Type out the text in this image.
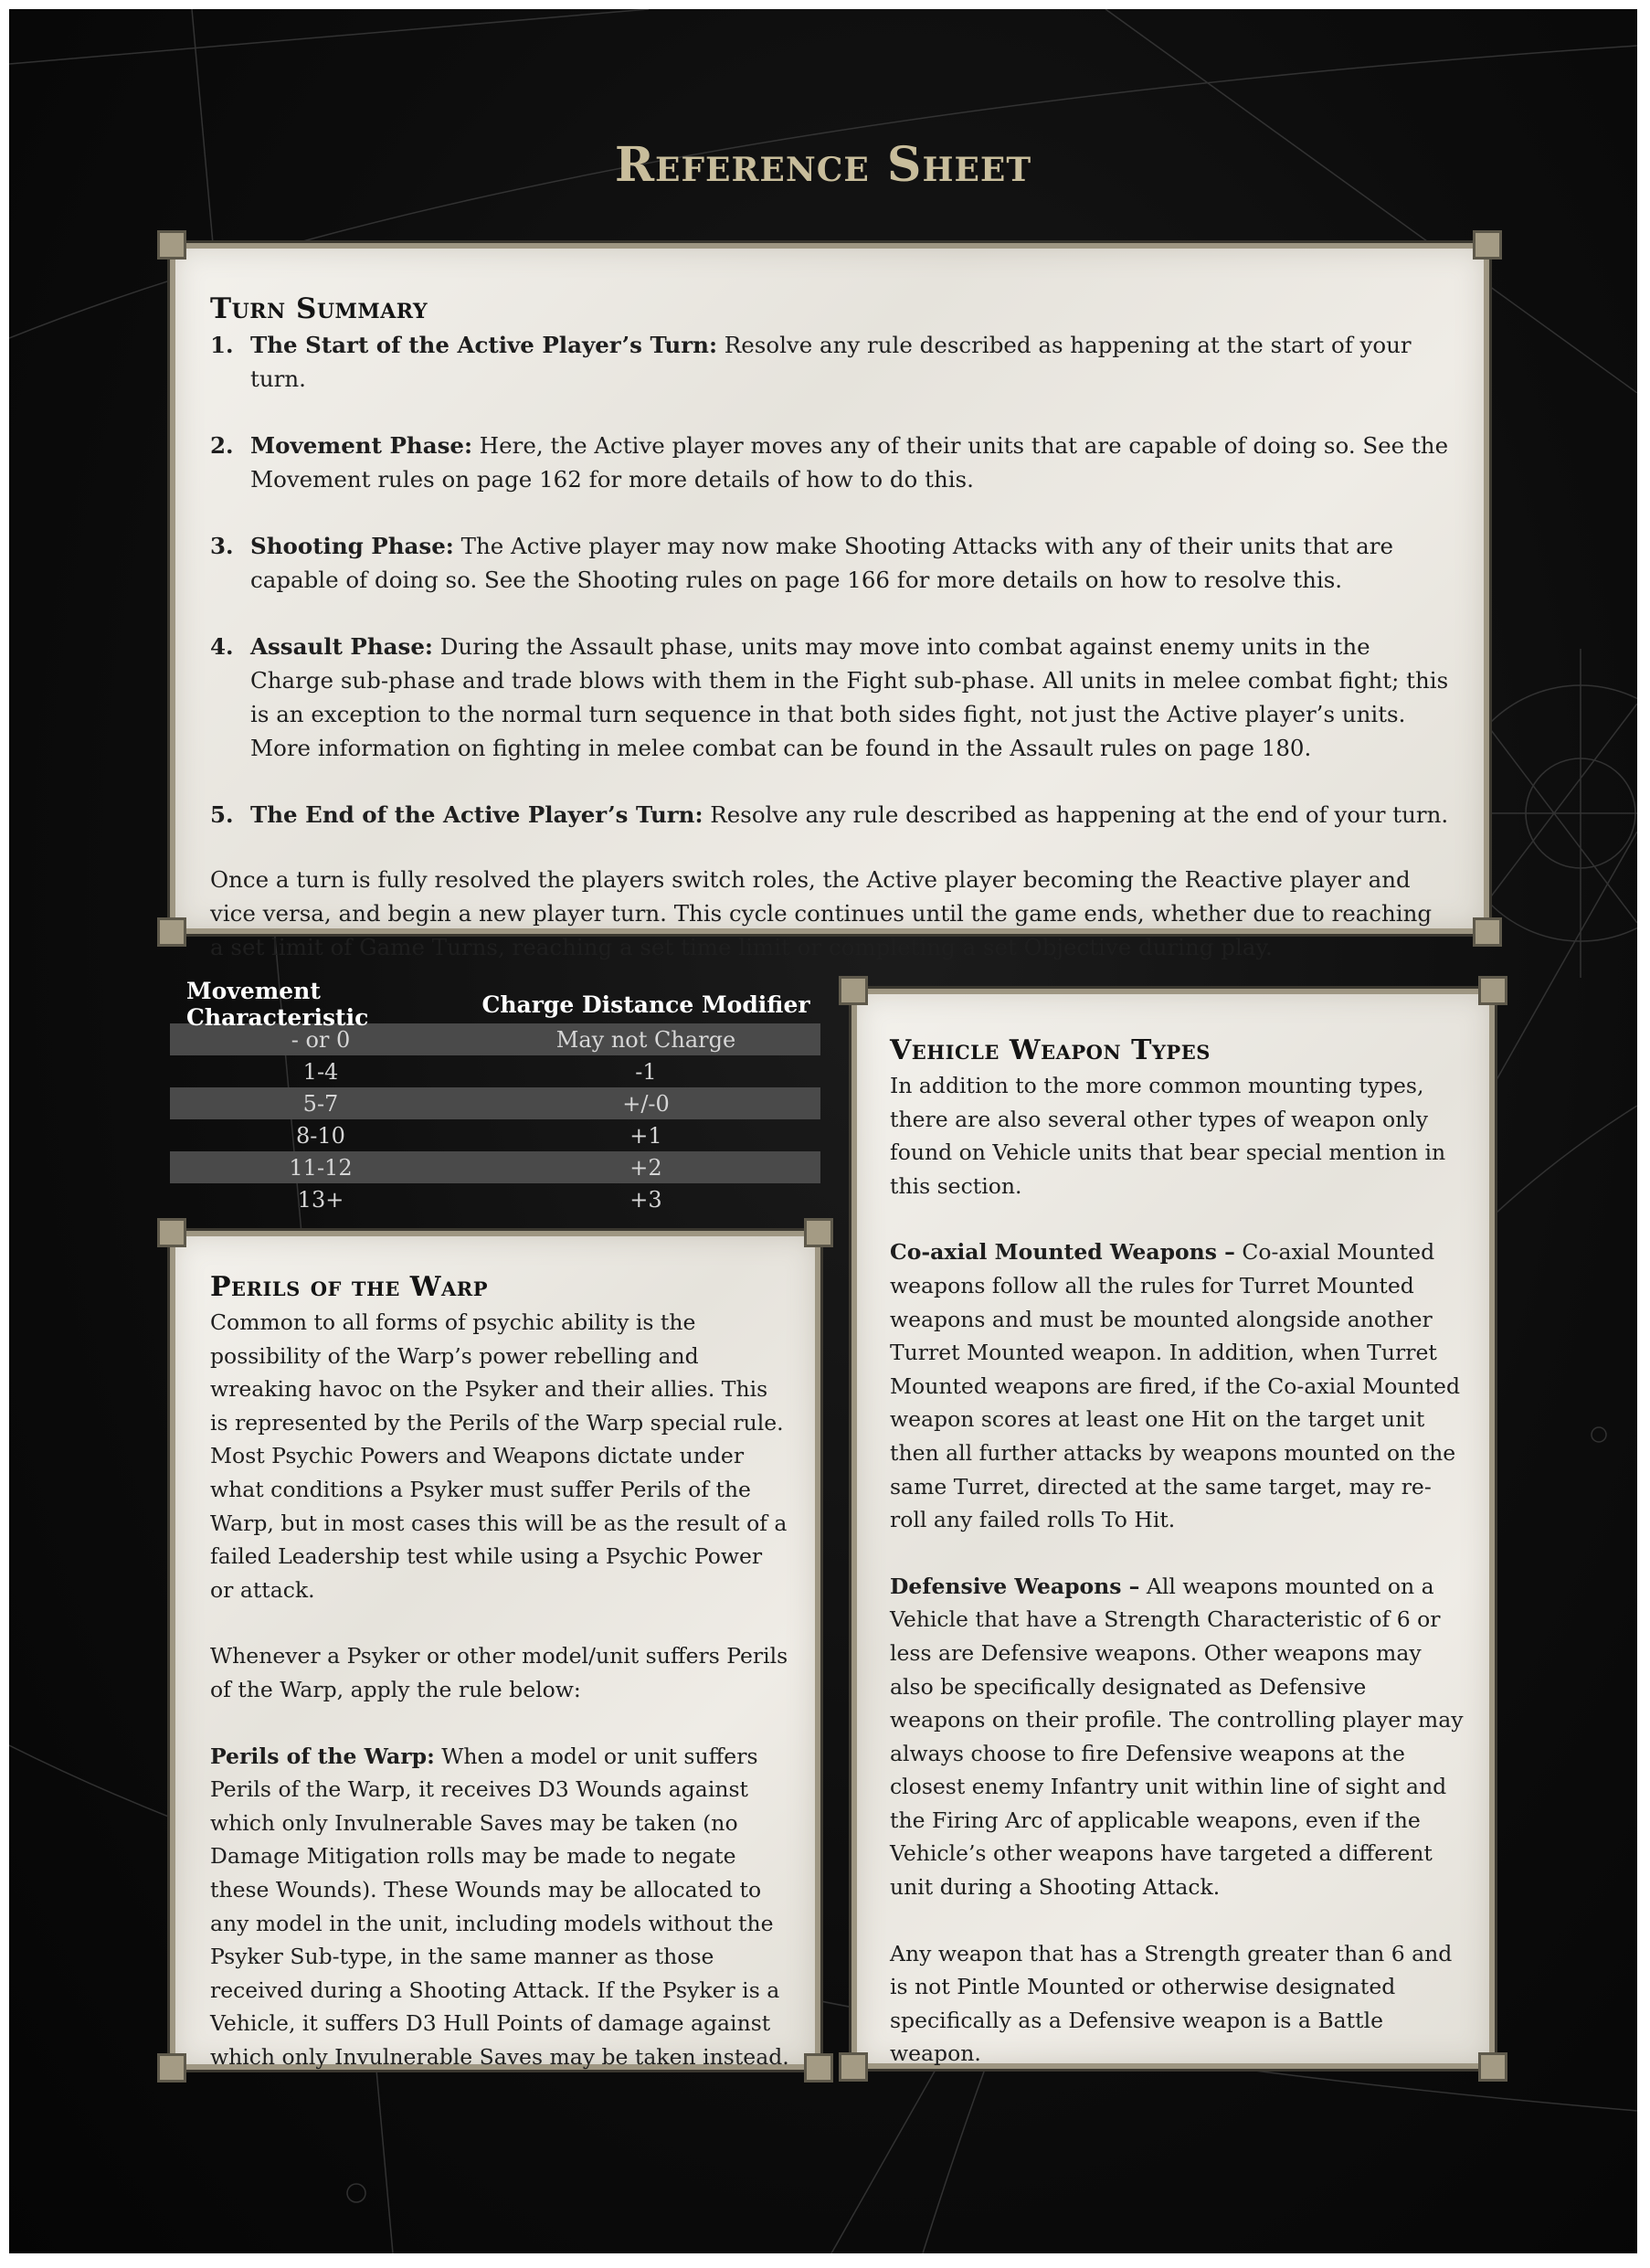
Reference Sheet
Turn Summary
1. The Start of the Active Player’s Turn: Resolve any rule described as happening at the start of your turn.
2. Movement Phase: Here, the Active player moves any of their units that are capable of doing so. See the Movement rules on page 162 for more details of how to do this.
3. Shooting Phase: The Active player may now make Shooting Attacks with any of their units that are capable of doing so. See the Shooting rules on page 166 for more details on how to resolve this.
4. Assault Phase: During the Assault phase, units may move into combat against enemy units in the Charge sub-phase and trade blows with them in the Fight sub-phase. All units in melee combat fight; this is an exception to the normal turn sequence in that both sides fight, not just the Active player’s units. More information on fighting in melee combat can be found in the Assault rules on page 180.
5. The End of the Active Player’s Turn: Resolve any rule described as happening at the end of your turn.

Once a turn is fully resolved the players switch roles, the Active player becoming the Reactive player and vice versa, and begin a new player turn. This cycle continues until the game ends, whether due to reaching a set limit of Game Turns, reaching a set time limit or completing a set Objective during play.

Movement Characteristic	Charge Distance Modifier
- or 0	May not Charge
1-4	-1
5-7	+/-0
8-10	+1
11-12	+2
13+	+3
Perils of the Warp

Common to all forms of psychic ability is the possibility of the Warp’s power rebelling and wreaking havoc on the Psyker and their allies. This is represented by the Perils of the Warp special rule. Most Psychic Powers and Weapons dictate under what conditions a Psyker must suffer Perils of the Warp, but in most cases this will be as the result of a failed Leadership test while using a Psychic Power or attack.

Whenever a Psyker or other model/unit suffers Perils of the Warp, apply the rule below:

Perils of the Warp: When a model or unit suffers Perils of the Warp, it receives D3 Wounds against which only Invulnerable Saves may be taken (no Damage Mitigation rolls may be made to negate these Wounds). These Wounds may be allocated to any model in the unit, including models without the Psyker Sub-type, in the same manner as those received during a Shooting Attack. If the Psyker is a Vehicle, it suffers D3 Hull Points of damage against which only Invulnerable Saves may be taken instead.

Vehicle Weapon Types

In addition to the more common mounting types, there are also several other types of weapon only found on Vehicle units that bear special mention in this section.

Co-axial Mounted Weapons – Co-axial Mounted weapons follow all the rules for Turret Mounted weapons and must be mounted alongside another Turret Mounted weapon. In addition, when Turret Mounted weapons are fired, if the Co-axial Mounted weapon scores at least one Hit on the target unit then all further attacks by weapons mounted on the same Turret, directed at the same target, may re-roll any failed rolls To Hit.

Defensive Weapons – All weapons mounted on a Vehicle that have a Strength Characteristic of 6 or less are Defensive weapons. Other weapons may also be specifically designated as Defensive weapons on their profile. The controlling player may always choose to fire Defensive weapons at the closest enemy Infantry unit within line of sight and the Firing Arc of applicable weapons, even if the Vehicle’s other weapons have targeted a different unit during a Shooting Attack.

Any weapon that has a Strength greater than 6 and is not Pintle Mounted or otherwise designated specifically as a Defensive weapon is a Battle weapon.
